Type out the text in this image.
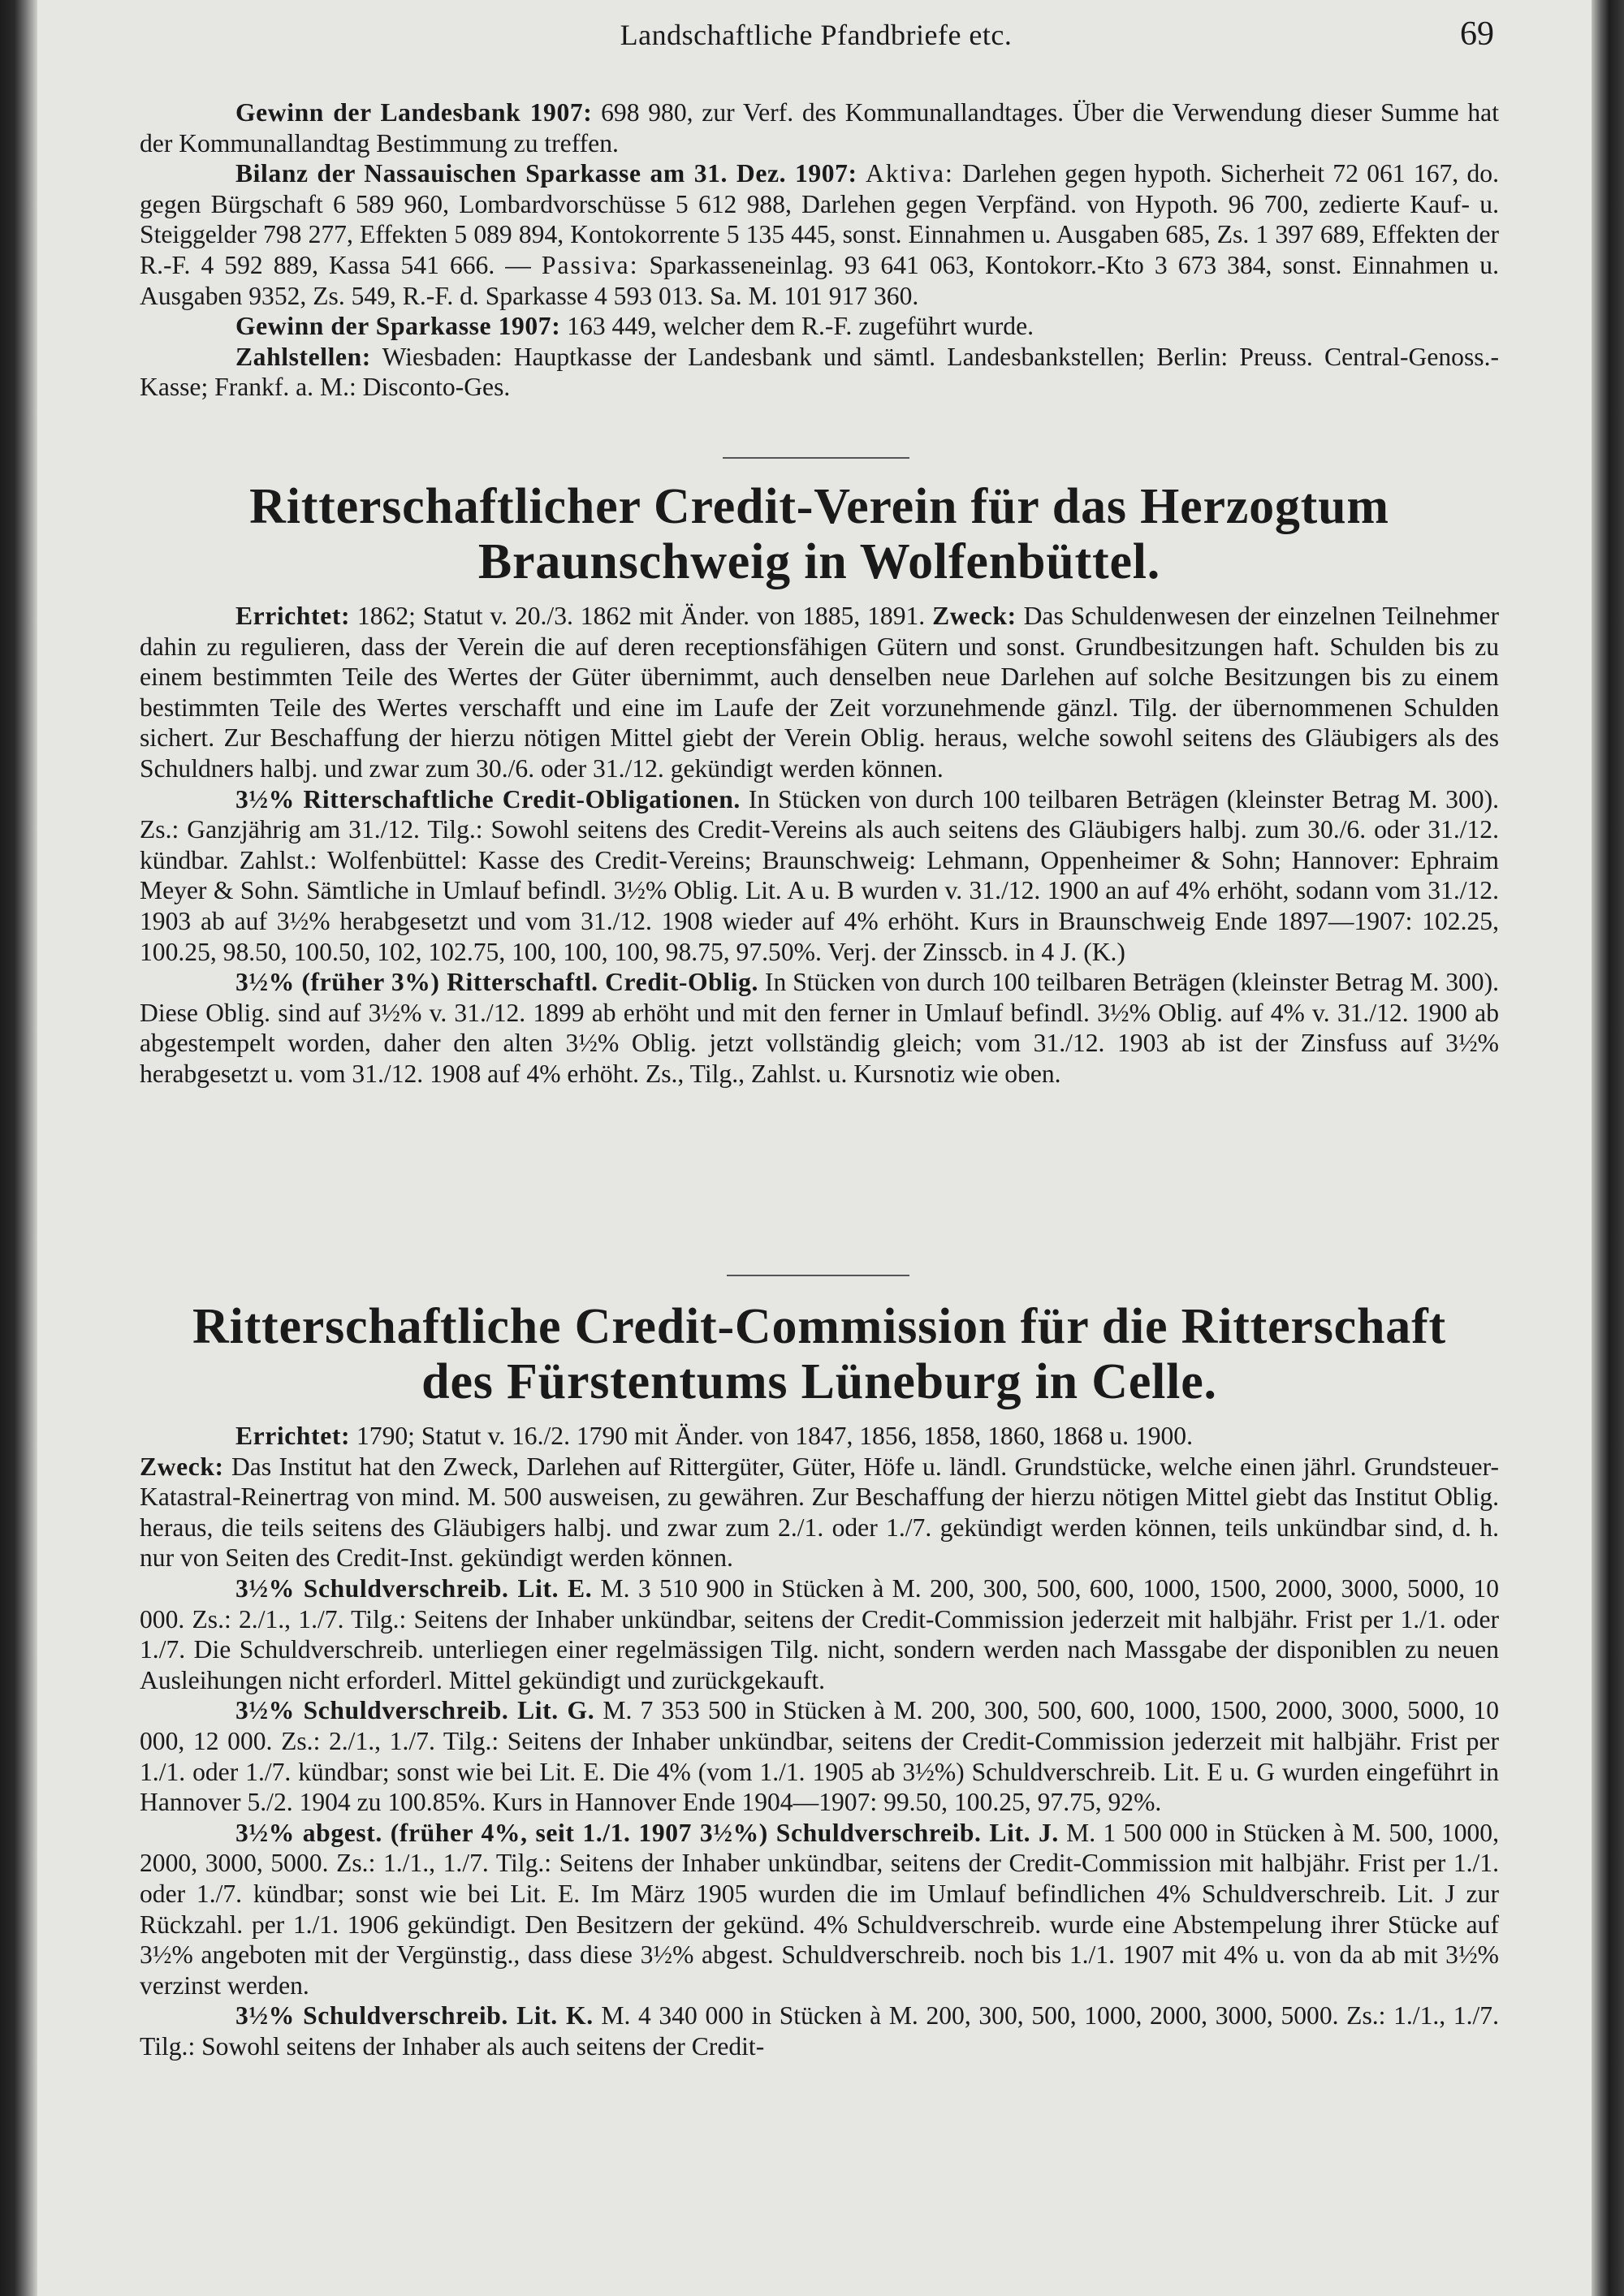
Landschaftliche Pfandbriefe etc.	69

Gewinn der Landesbank 1907: 698 980, zur Verf. des Kommunallandtages. Über die Verwendung dieser Summe hat der Kommunallandtag Bestimmung zu treffen.

Bilanz der Nassauischen Sparkasse am 31. Dez. 1907: Aktiva: Darlehen gegen hypoth. Sicherheit 72 061 167, do. gegen Bürgschaft 6 589 960, Lombardvorschüsse 5 612 988, Darlehen gegen Verpfänd. von Hypoth. 96 700, zedierte Kauf- u. Steiggelder 798 277, Effekten 5 089 894, Kontokorrente 5 135 445, sonst. Einnahmen u. Ausgaben 685, Zs. 1 397 689, Effekten der R.-F. 4 592 889, Kassa 541 666. — Passiva: Sparkasseneinlag. 93 641 063, Kontokorr.-Kto 3 673 384, sonst. Einnahmen u. Ausgaben 9352, Zs. 549, R.-F. d. Sparkasse 4 593 013. Sa. M. 101 917 360.

Gewinn der Sparkasse 1907: 163 449, welcher dem R.-F. zugeführt wurde.

Zahlstellen: Wiesbaden: Hauptkasse der Landesbank und sämtl. Landesbankstellen; Berlin: Preuss. Central-Genoss.-Kasse; Frankf. a. M.: Disconto-Ges.

Ritterschaftlicher Credit-Verein für das Herzogtum
Braunschweig in Wolfenbüttel.

Errichtet: 1862; Statut v. 20./3. 1862 mit Änder. von 1885, 1891. Zweck: Das Schuldenwesen der einzelnen Teilnehmer dahin zu regulieren, dass der Verein die auf deren receptionsfähigen Gütern und sonst. Grundbesitzungen haft. Schulden bis zu einem bestimmten Teile des Wertes der Güter übernimmt, auch denselben neue Darlehen auf solche Besitzungen bis zu einem bestimmten Teile des Wertes verschafft und eine im Laufe der Zeit vorzunehmende gänzl. Tilg. der übernommenen Schulden sichert. Zur Beschaffung der hierzu nötigen Mittel giebt der Verein Oblig. heraus, welche sowohl seitens des Gläubigers als des Schuldners halbj. und zwar zum 30./6. oder 31./12. gekündigt werden können.

3½% Ritterschaftliche Credit-Obligationen. In Stücken von durch 100 teilbaren Beträgen (kleinster Betrag M. 300). Zs.: Ganzjährig am 31./12. Tilg.: Sowohl seitens des Credit-Vereins als auch seitens des Gläubigers halbj. zum 30./6. oder 31./12. kündbar. Zahlst.: Wolfenbüttel: Kasse des Credit-Vereins; Braunschweig: Lehmann, Oppenheimer & Sohn; Hannover: Ephraim Meyer & Sohn. Sämtliche in Umlauf befindl. 3½% Oblig. Lit. A u. B wurden v. 31./12. 1900 an auf 4% erhöht, sodann vom 31./12. 1903 ab auf 3½% herabgesetzt und vom 31./12. 1908 wieder auf 4% erhöht. Kurs in Braunschweig Ende 1897—1907: 102.25, 100.25, 98.50, 100.50, 102, 102.75, 100, 100, 100, 98.75, 97.50%. Verj. der Zinsscb. in 4 J. (K.)

3½% (früher 3%) Ritterschaftl. Credit-Oblig. In Stücken von durch 100 teilbaren Beträgen (kleinster Betrag M. 300). Diese Oblig. sind auf 3½% v. 31./12. 1899 ab erhöht und mit den ferner in Umlauf befindl. 3½% Oblig. auf 4% v. 31./12. 1900 ab abgestempelt worden, daher den alten 3½% Oblig. jetzt vollständig gleich; vom 31./12. 1903 ab ist der Zinsfuss auf 3½% herabgesetzt u. vom 31./12. 1908 auf 4% erhöht. Zs., Tilg., Zahlst. u. Kursnotiz wie oben.

Ritterschaftliche Credit-Commission für die Ritterschaft
des Fürstentums Lüneburg in Celle.

Errichtet: 1790; Statut v. 16./2. 1790 mit Änder. von 1847, 1856, 1858, 1860, 1868 u. 1900.
Zweck: Das Institut hat den Zweck, Darlehen auf Rittergüter, Güter, Höfe u. ländl. Grundstücke, welche einen jährl. Grundsteuer-Katastral-Reinertrag von mind. M. 500 ausweisen, zu gewähren. Zur Beschaffung der hierzu nötigen Mittel giebt das Institut Oblig. heraus, die teils seitens des Gläubigers halbj. und zwar zum 2./1. oder 1./7. gekündigt werden können, teils unkündbar sind, d. h. nur von Seiten des Credit-Inst. gekündigt werden können.

3½% Schuldverschreib. Lit. E. M. 3 510 900 in Stücken à M. 200, 300, 500, 600, 1000, 1500, 2000, 3000, 5000, 10 000. Zs.: 2./1., 1./7. Tilg.: Seitens der Inhaber unkündbar, seitens der Credit-Commission jederzeit mit halbjähr. Frist per 1./1. oder 1./7. Die Schuldverschreib. unterliegen einer regelmässigen Tilg. nicht, sondern werden nach Massgabe der disponiblen zu neuen Ausleihungen nicht erforderl. Mittel gekündigt und zurückgekauft.

3½% Schuldverschreib. Lit. G. M. 7 353 500 in Stücken à M. 200, 300, 500, 600, 1000, 1500, 2000, 3000, 5000, 10 000, 12 000. Zs.: 2./1., 1./7. Tilg.: Seitens der Inhaber unkündbar, seitens der Credit-Commission jederzeit mit halbjähr. Frist per 1./1. oder 1./7. kündbar; sonst wie bei Lit. E. Die 4% (vom 1./1. 1905 ab 3½%) Schuldverschreib. Lit. E u. G wurden eingeführt in Hannover 5./2. 1904 zu 100.85%. Kurs in Hannover Ende 1904—1907: 99.50, 100.25, 97.75, 92%.

3½% abgest. (früher 4%, seit 1./1. 1907 3½%) Schuldverschreib. Lit. J. M. 1 500 000 in Stücken à M. 500, 1000, 2000, 3000, 5000. Zs.: 1./1., 1./7. Tilg.: Seitens der Inhaber unkündbar, seitens der Credit-Commission mit halbjähr. Frist per 1./1. oder 1./7. kündbar; sonst wie bei Lit. E. Im März 1905 wurden die im Umlauf befindlichen 4% Schuldverschreib. Lit. J zur Rückzahl. per 1./1. 1906 gekündigt. Den Besitzern der gekünd. 4% Schuldverschreib. wurde eine Abstempelung ihrer Stücke auf 3½% angeboten mit der Vergünstig., dass diese 3½% abgest. Schuldverschreib. noch bis 1./1. 1907 mit 4% u. von da ab mit 3½% verzinst werden.

3½% Schuldverschreib. Lit. K. M. 4 340 000 in Stücken à M. 200, 300, 500, 1000, 2000, 3000, 5000. Zs.: 1./1., 1./7. Tilg.: Sowohl seitens der Inhaber als auch seitens der Credit-
